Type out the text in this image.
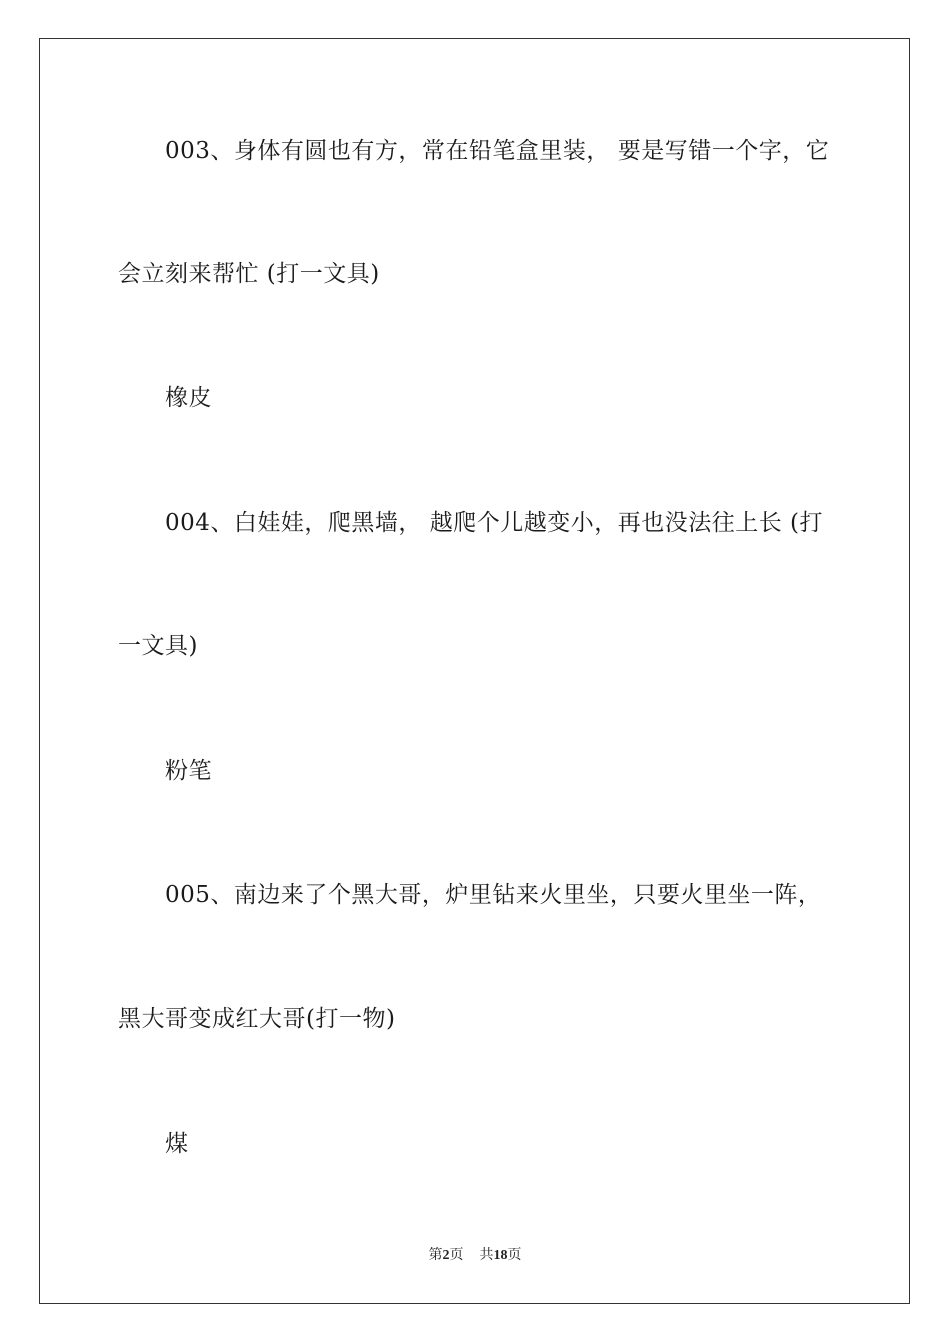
003、身体有圆也有方，常在铅笔盒里装， 要是写错一个字，它
会立刻来帮忙 (打一文具)
橡皮
004、白娃娃，爬黑墙， 越爬个儿越变小，再也没法往上长 (打
一文具)
粉笔
005、南边来了个黑大哥，炉里钻来火里坐，只要火里坐一阵，
黑大哥变成红大哥(打一物)
煤
第2页 共18页
